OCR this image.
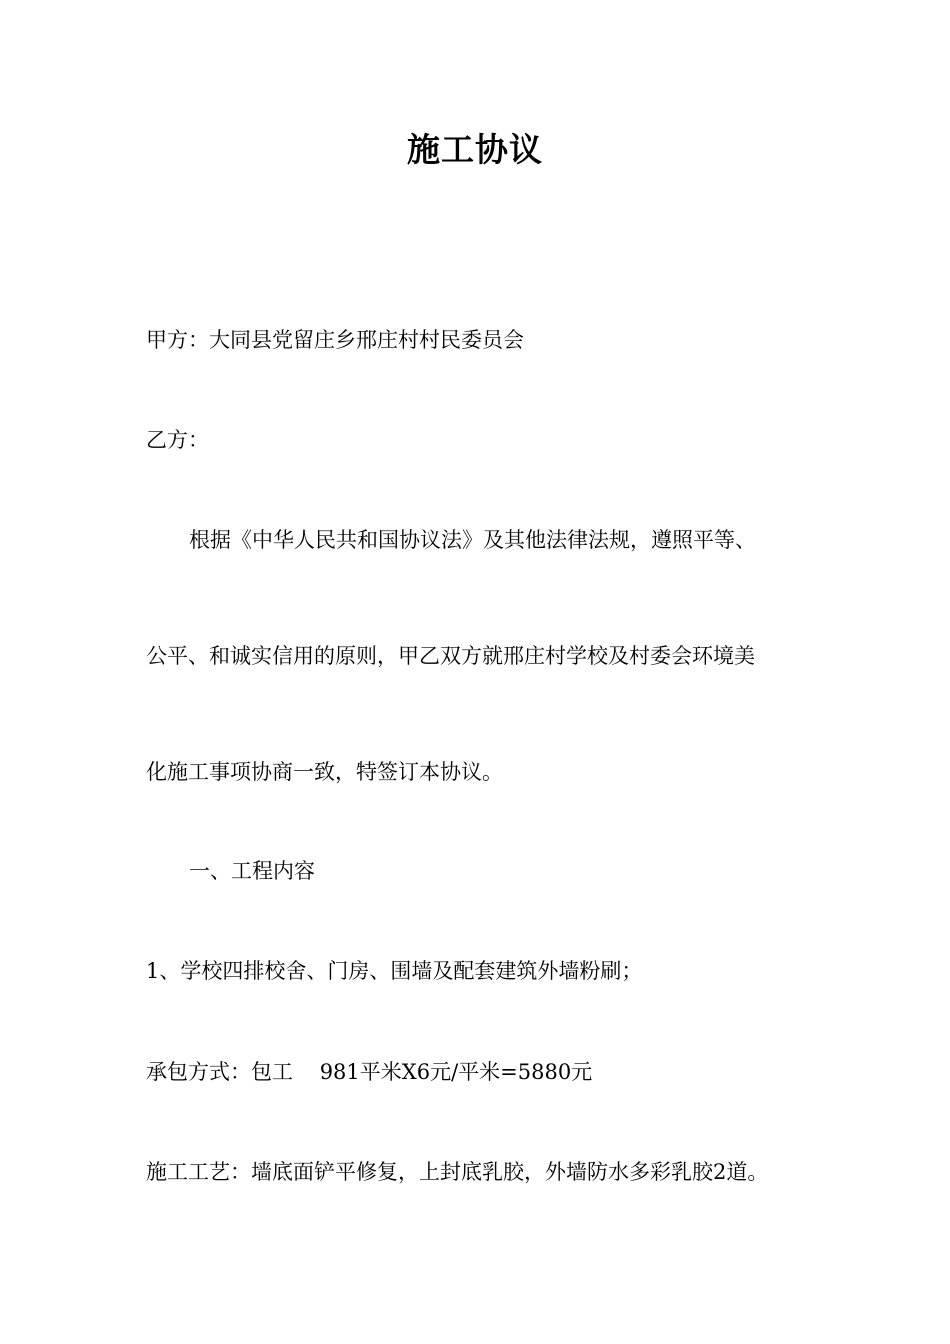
施工协议
甲方：大同县党留庄乡邢庄村村民委员会
乙方：
根据《中华人民共和国协议法》及其他法律法规，遵照平等、
公平、和诚实信用的原则，甲乙双方就邢庄村学校及村委会环境美
化施工事项协商一致，特签订本协议。
一、工程内容
1、学校四排校舍、门房、围墙及配套建筑外墙粉刷；
承包方式：包工    981平米X6元/平米=5880元
施工工艺：墙底面铲平修复，上封底乳胶，外墙防水多彩乳胶2道。
